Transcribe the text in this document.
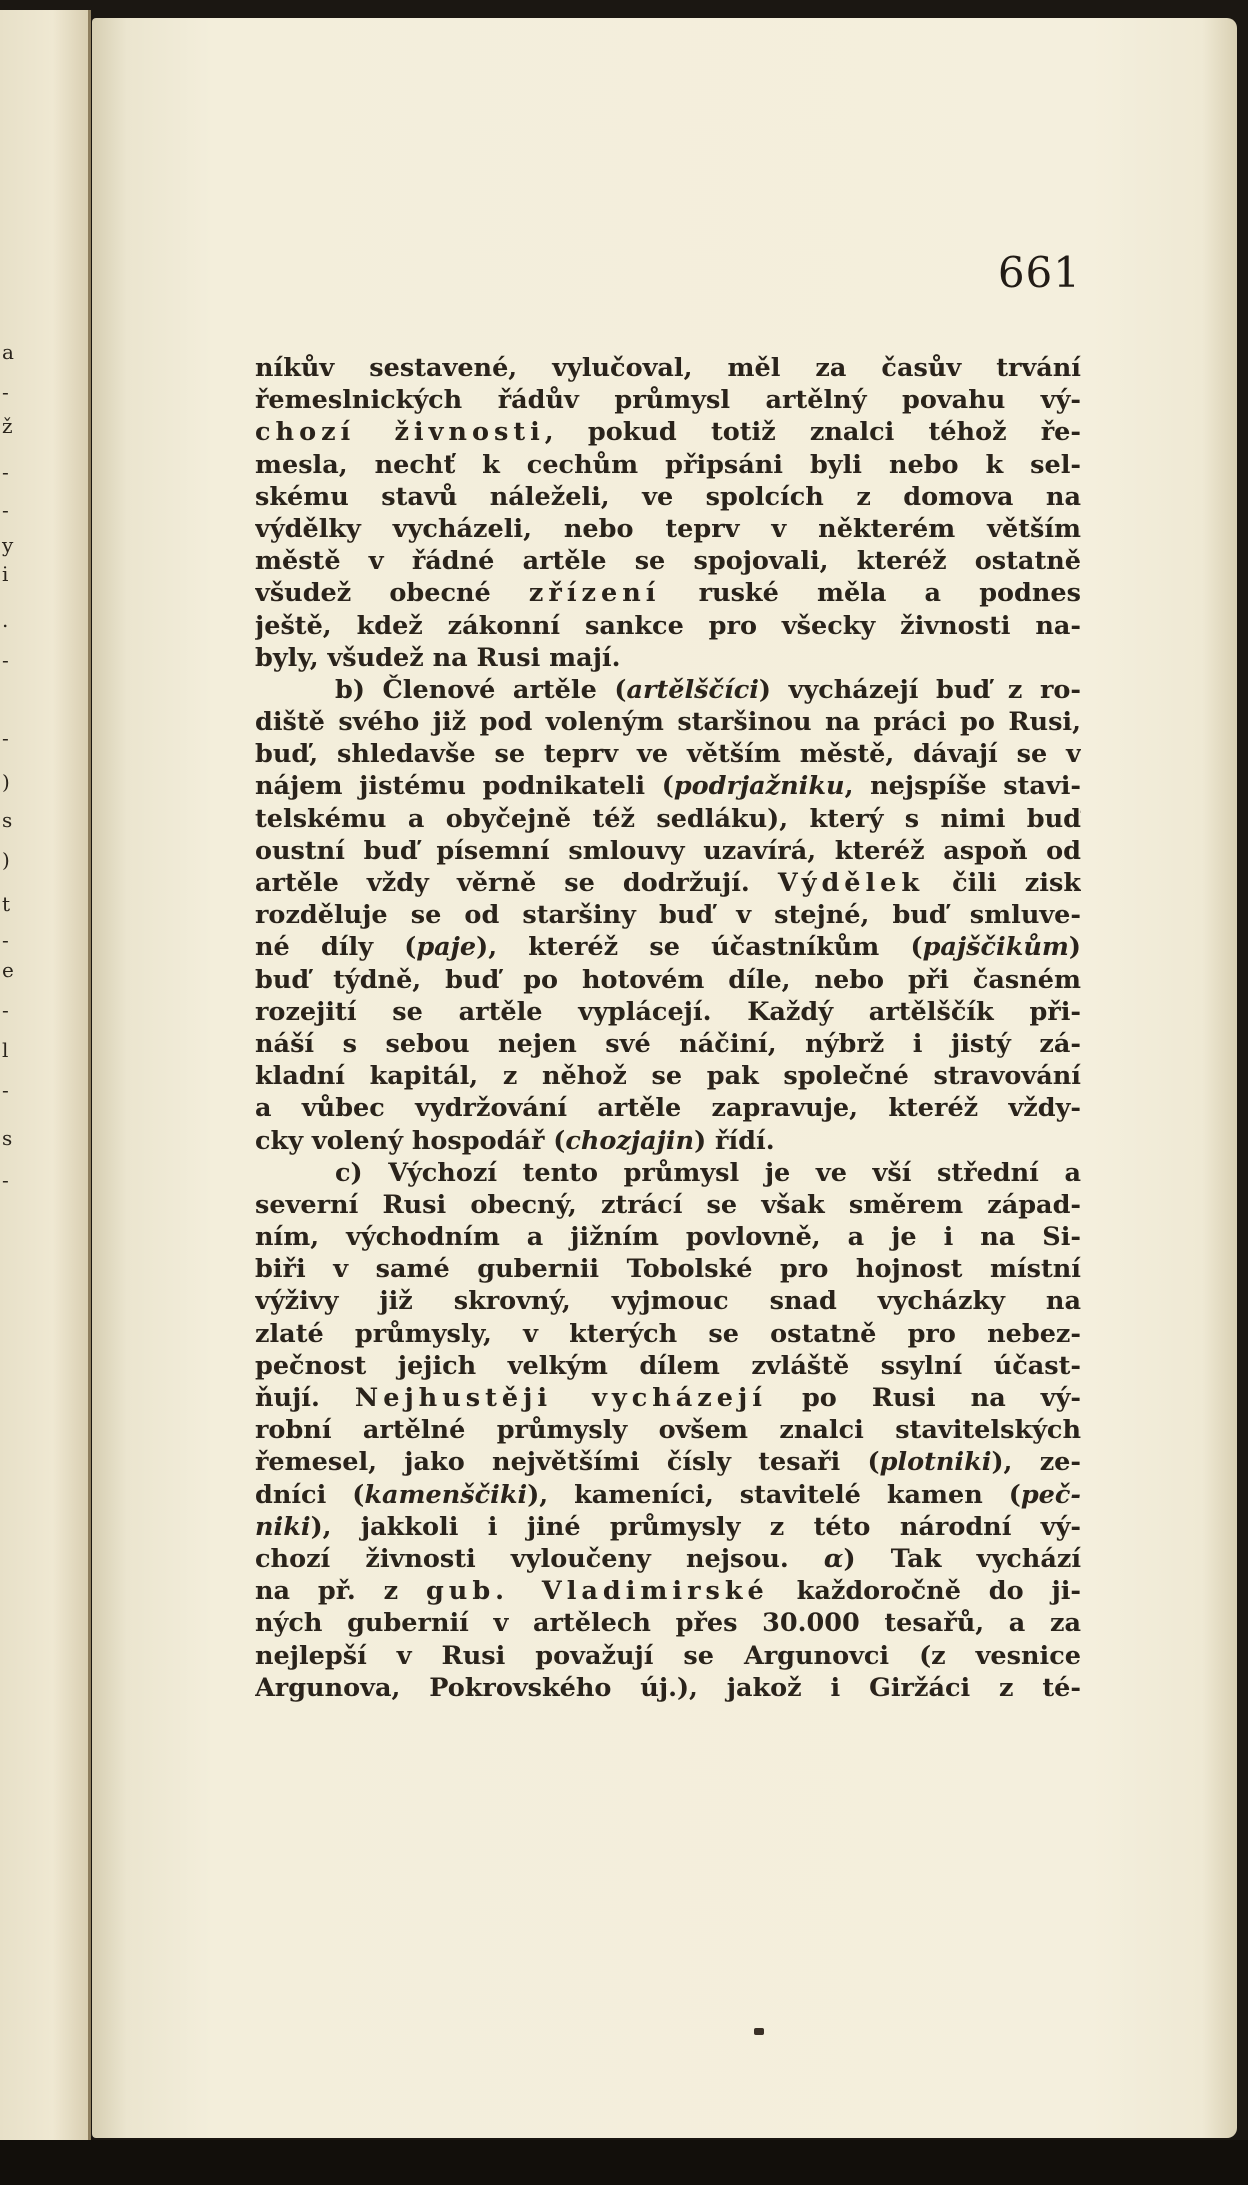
a
-
ž
-
-
y
i
.
-
-
)
s
)
t
-
e
-
l
-
s
-
661
níkův sestavené, vylučoval, měl za časův trvání
řemeslnických řádův průmysl artělný povahu vý-
chozí živnosti, pokud totiž znalci téhož ře-
mesla, nechť k cechům připsáni byli nebo k sel-
skému stavů náleželi, ve spolcích z domova na
výdělky vycházeli, nebo teprv v některém větším
městě v řádné artěle se spojovali, kteréž ostatně
všudež obecné zřízení ruské měla a podnes
ještě, kdež zákonní sankce pro všecky živnosti na-
byly, všudež na Rusi mají.
b) Členové artěle (artělščíci) vycházejí buď z ro-
diště svého již pod voleným staršinou na práci po Rusi,
buď, shledavše se teprv ve větším městě, dávají se v
nájem jistému podnikateli (podrjažniku, nejspíše stavi-
telskému a obyčejně též sedláku), který s nimi buď
oustní buď písemní smlouvy uzavírá, kteréž aspoň od
artěle vždy věrně se dodržují. Výdělek čili zisk
rozděluje se od staršiny buď v stejné, buď smluve-
né díly (paje), kteréž se účastníkům (pajščikům)
buď týdně, buď po hotovém díle, nebo při časném
rozejití se artěle vyplácejí. Každý artělščík při-
náší s sebou nejen své náčiní, nýbrž i jistý zá-
kladní kapitál, z něhož se pak společné stravování
a vůbec vydržování artěle zapravuje, kteréž vždy-
cky volený hospodář (chozjajin) řídí.
c) Výchozí tento průmysl je ve vší střední a
severní Rusi obecný, ztrácí se však směrem západ-
ním, východním a jižním povlovně, a je i na Si-
biři v samé gubernii Tobolské pro hojnost místní
výživy již skrovný, vyjmouc snad vycházky na
zlaté průmysly, v kterých se ostatně pro nebez-
pečnost jejich velkým dílem zvláště ssylní účast-
ňují. Nejhustěji vycházejí po Rusi na vý-
robní artělné průmysly ovšem znalci stavitelských
řemesel, jako největšími čísly tesaři (plotniki), ze-
dníci (kamenščiki), kameníci, stavitelé kamen (peč-
niki), jakkoli i jiné průmysly z této národní vý-
chozí živnosti vyloučeny nejsou. α) Tak vychází
na př. z gub. Vladimirské každoročně do ji-
ných gubernií v artělech přes 30.000 tesařů, a za
nejlepší v Rusi považují se Argunovci (z vesnice
Argunova, Pokrovského új.), jakož i Giržáci z té-
